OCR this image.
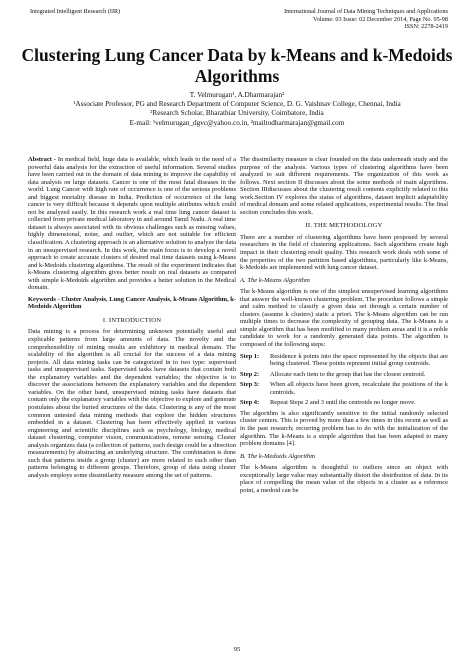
Integrated Intelligent Research (IIR)	International Journal of Data Mining Techniques and Applications
Volume: 03 Issue: 02 December 2014, Page No. 95-98
ISSN: 2278-2419
Clustering Lung Cancer Data by k-Means and k-Medoids Algorithms
T. Velmurugan¹, A.Dharmarajan²
¹Associate Professor, PG and Research Department of Computer Science, D. G. Vaishnav College, Chennai, India
²Research Scholar, Bharathiar University, Coimbatore, India
E-mail: ¹velmurugan_dgvc@yahoo.co.in, ²mailtodharmarajan@gmail.com

Abstract - In medical field, huge data is available, which leads to the need of a powerful data analysis for the extraction of useful information. Several studies have been carried out in the domain of data mining to improve the capability of data analysis on large datasets. Cancer is one of the most fatal diseases in the world. Lung Cancer with high rate of occurrence is one of the serious problems and biggest mortality disease in India. Prediction of occurrence of the lung cancer is very difficult because it depends upon multiple attributes which could not be analyzed easily. In this research work a real time lung cancer dataset is collected from private medical laboratory in and around Tamil Nadu. A real time dataset is always associated with its obvious challenges such as missing values, highly dimensional, noise, and outlier, which are not suitable for efficient classification. A clustering approach is an alternative solution to analyze the data in an unsupervised research. In this work, the main focus is to develop a novel approach to create accurate clusters of desired real time datasets using k-Means and k-Medoids clustering algorithms. The result of the experiment indicates that k-Means clustering algorithm gives better result on real datasets as compared with simple k-Medoids algorithm and provides a better solution in the Medical domain.

Keywords - Cluster Analysis, Lung Cancer Analysis, k-Means Algorithm, k-Medoids Algorithm

I. INTRODUCTION

Data mining is a process for determining unknown potentially useful and explicable patterns from large amounts of data. The novelty and the comprehensibility of mining results are exhibitory in medical domain. The scalability of the algorithm is all crucial for the success of a data mining projects. All data mining tasks can be categorized in to two type: supervised tasks and unsupervised tasks. Supervised tasks have datasets that contain both the explanatory variables and the dependent variables; the objective is to discover the associations between the explanatory variables and the dependent variables. On the other hand, unsupervised mining tasks have datasets that contain only the explanatory variables with the objective to explore and generate postulates about the buried structures of the data. Clustering is any of the most common untested data mining methods that explore the hidden structures embedded in a dataset. Clustering has been effectively applied in various engineering and scientific disciplines such as psychology, biology, medical dataset clustering, computer vision, communications, remote sensing. Cluster analysis organizes data (a collection of patterns, each design could be a direction measurements) by abstracting an underlying structure. The combination is done such that patterns inside a group (cluster) are more related to each other than patterns belonging to different groups. Therefore, group of data using cluster analysis employs some dissimilarity measure among the set of patterns.

The dissimilarity measure is clear founded on the data underneath study and the purpose of the analysis. Various types of clustering algorithms have been analyzed to suit different requirements. The organization of this work as follows. Next section II discusses about the some methods of main algorithms. Section IIIdiscusses about the clustering result contents explicitly related to this work.Section IV explores the status of algorithms, dataset implicit adaptability of medical domain and some related applications, experimental results. The final section concludes this work.

II. THE METHODOLOGY

There are a number of clustering algorithms have been proposed by several researchers in the field of clustering applications. Such algorithms create high impact in their clustering result quality. This research work deals with some of the properties of the two partition based algorithms, particularly like k-Means, k-Medoids are implemented with lung cancer dataset.

A. The k-Means Algorithm

The k-Means algorithm is one of the simplest unsupervised learning algorithms that answer the well-known clustering problem. The procedure follows a simple and calm method to classify a given data set through a certain number of clusters (assume k clusters) static a priori. The k-Means algorithm can be run multiple times to decrease the complexity of grouping data. The k-Means is a simple algorithm that has been modified to many problem areas and it is a noble candidate to work for a randomly generated data points. The algorithm is composed of the following steps:

Step 1:	Residence k points into the space represented by the objects that are being clustered. These points represent initial group centroids.
Step 2:	Allocate each item to the group that has the closest centroid.
Step 3:	When all objects have been given, recalculate the positions of the k centroids.
Step 4:	Repeat Steps 2 and 3 until the centroids no longer move.

The algorithm is also significantly sensitive to the initial randomly selected cluster centers. This is proved by more than a few times in this recent as well as in the past research; recurring problem has to do with the initialization of the algorithm. The k-Means is a simple algorithm that has been adapted to many problem domains [4].

B. The k-Medoids Algorithm

The k-Means algorithm is thoughtful to outliers since an object with exceptionally large value may substantially distort the distribution of data. In its place of compelling the mean value of the objects in a cluster as a reference point, a medoid can be

95
